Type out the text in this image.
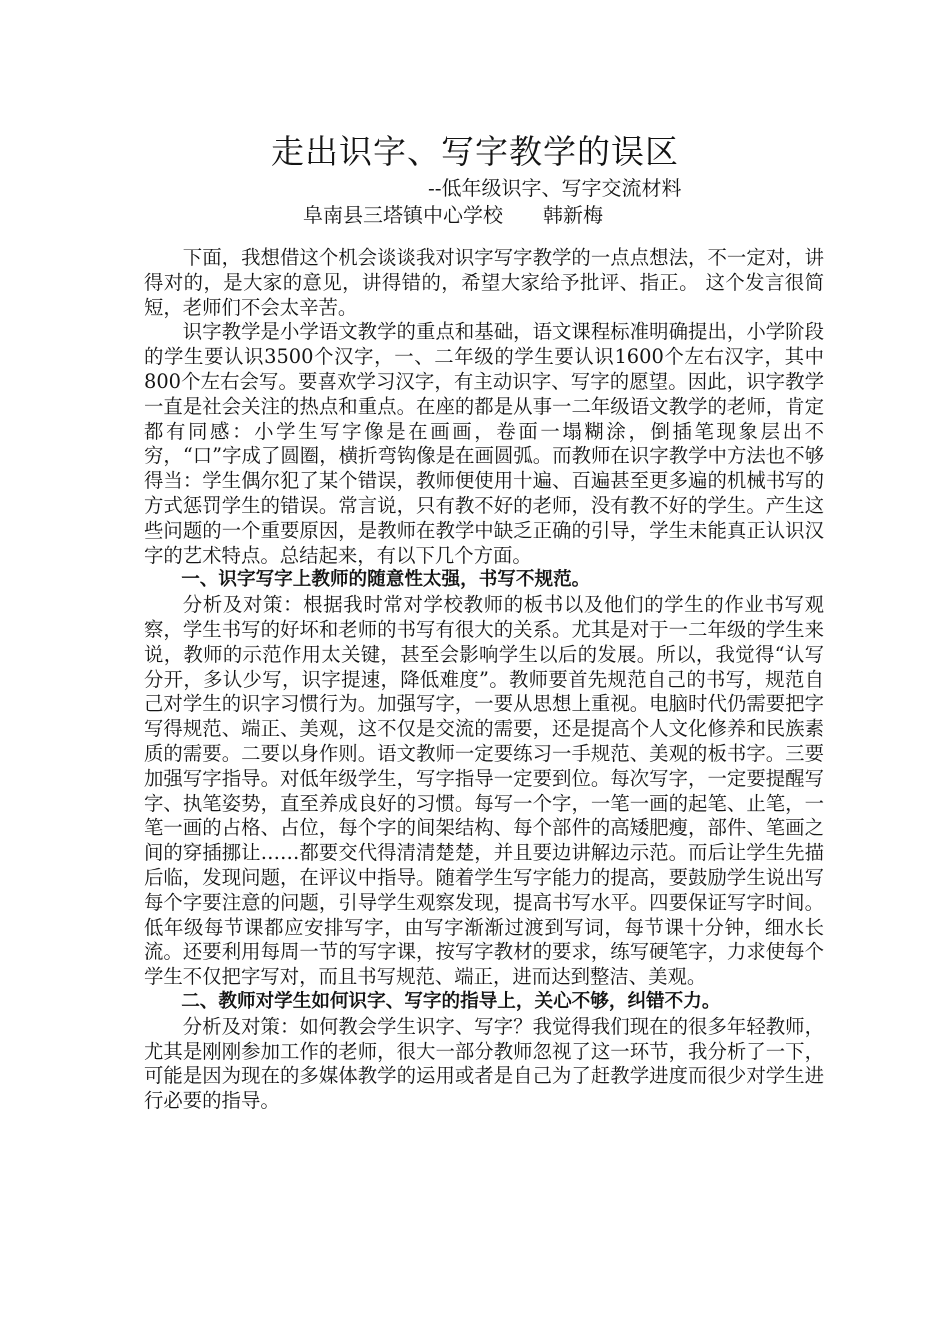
走出识字、写字教学的误区
--低年级识字、写字交流材料
阜南县三塔镇中心学校　　韩新梅

下面，我想借这个机会谈谈我对识字写字教学的一点点想法，不一定对，讲得对的，是大家的意见，讲得错的，希望大家给予批评、指正。 这个发言很简短，老师们不会太辛苦。

识字教学是小学语文教学的重点和基础，语文课程标准明确提出，小学阶段的学生要认识3500个汉字，一、二年级的学生要认识1600个左右汉字，其中800个左右会写。要喜欢学习汉字，有主动识字、写字的愿望。因此，识字教学一直是社会关注的热点和重点。在座的都是从事一二年级语文教学的老师，肯定都有同感：小学生写字像是在画画，卷面一塌糊涂，倒插笔现象层出不穷，“口”字成了圆圈，横折弯钩像是在画圆弧。而教师在识字教学中方法也不够得当：学生偶尔犯了某个错误，教师便使用十遍、百遍甚至更多遍的机械书写的方式惩罚学生的错误。常言说，只有教不好的老师，没有教不好的学生。产生这些问题的一个重要原因，是教师在教学中缺乏正确的引导，学生未能真正认识汉字的艺术特点。总结起来，有以下几个方面。

一、识字写字上教师的随意性太强，书写不规范。

分析及对策：根据我时常对学校教师的板书以及他们的学生的作业书写观察，学生书写的好坏和老师的书写有很大的关系。尤其是对于一二年级的学生来说，教师的示范作用太关键，甚至会影响学生以后的发展。所以，我觉得“认写分开，多认少写，识字提速，降低难度”。教师要首先规范自己的书写，规范自己对学生的识字习惯行为。加强写字，一要从思想上重视。电脑时代仍需要把字写得规范、端正、美观，这不仅是交流的需要，还是提高个人文化修养和民族素质的需要。二要以身作则。语文教师一定要练习一手规范、美观的板书字。三要加强写字指导。对低年级学生，写字指导一定要到位。每次写字，一定要提醒写字、执笔姿势，直至养成良好的习惯。每写一个字，一笔一画的起笔、止笔，一笔一画的占格、占位，每个字的间架结构、每个部件的高矮肥瘦，部件、笔画之间的穿插挪让……都要交代得清清楚楚，并且要边讲解边示范。而后让学生先描后临，发现问题，在评议中指导。随着学生写字能力的提高，要鼓励学生说出写每个字要注意的问题，引导学生观察发现，提高书写水平。四要保证写字时间。低年级每节课都应安排写字，由写字渐渐过渡到写词，每节课十分钟，细水长流。还要利用每周一节的写字课，按写字教材的要求，练写硬笔字，力求使每个学生不仅把字写对，而且书写规范、端正，进而达到整洁、美观。

二、教师对学生如何识字、写字的指导上，关心不够，纠错不力。

分析及对策：如何教会学生识字、写字？我觉得我们现在的很多年轻教师，尤其是刚刚参加工作的老师，很大一部分教师忽视了这一环节，我分析了一下，可能是因为现在的多媒体教学的运用或者是自己为了赶教学进度而很少对学生进行必要的指导。
